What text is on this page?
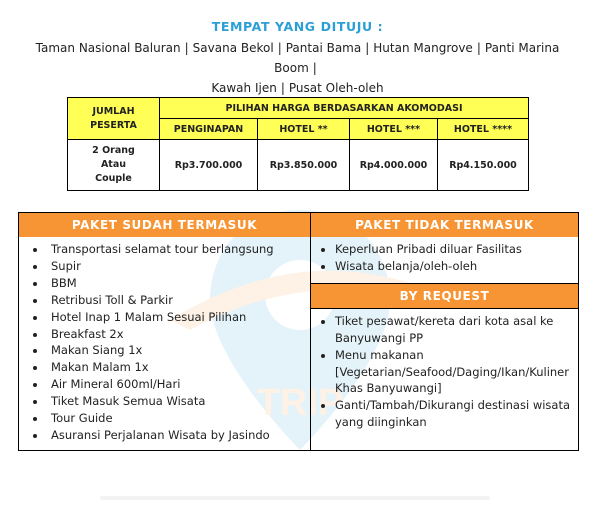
TRIP
TEMPAT YANG DITUJU :
Taman Nasional Baluran | Savana Bekol | Pantai Bama | Hutan Mangrove | Panti Marina Boom |
Kawah Ijen | Pusat Oleh-oleh
JUMLAH
PESERTA	PILIHAN HARGA BERDASARKAN AKOMODASI			
	PENGINAPAN	HOTEL **	HOTEL ***	HOTEL ****
2 Orang
Atau
Couple	Rp3.700.000	Rp3.850.000	Rp4.000.000	Rp4.150.000
PAKET SUDAH TERMASUK
Transportasi selamat tour berlangsung
Supir
BBM
Retribusi Toll & Parkir
Hotel Inap 1 Malam Sesuai Pilihan
Breakfast 2x
Makan Siang 1x
Makan Malam 1x
Air Mineral 600ml/Hari
Tiket Masuk Semua Wisata
Tour Guide
Asuransi Perjalanan Wisata by Jasindo

PAKET TIDAK TERMASUK
Keperluan Pribadi diluar Fasilitas
Wisata belanja/oleh-oleh
BY REQUEST
Tiket pesawat/kereta dari kota asal ke Banyuwangi PP
Menu makanan [Vegetarian/Seafood/Daging/Ikan/Kuliner Khas Banyuwangi]
Ganti/Tambah/Dikurangi destinasi wisata yang diinginkan
